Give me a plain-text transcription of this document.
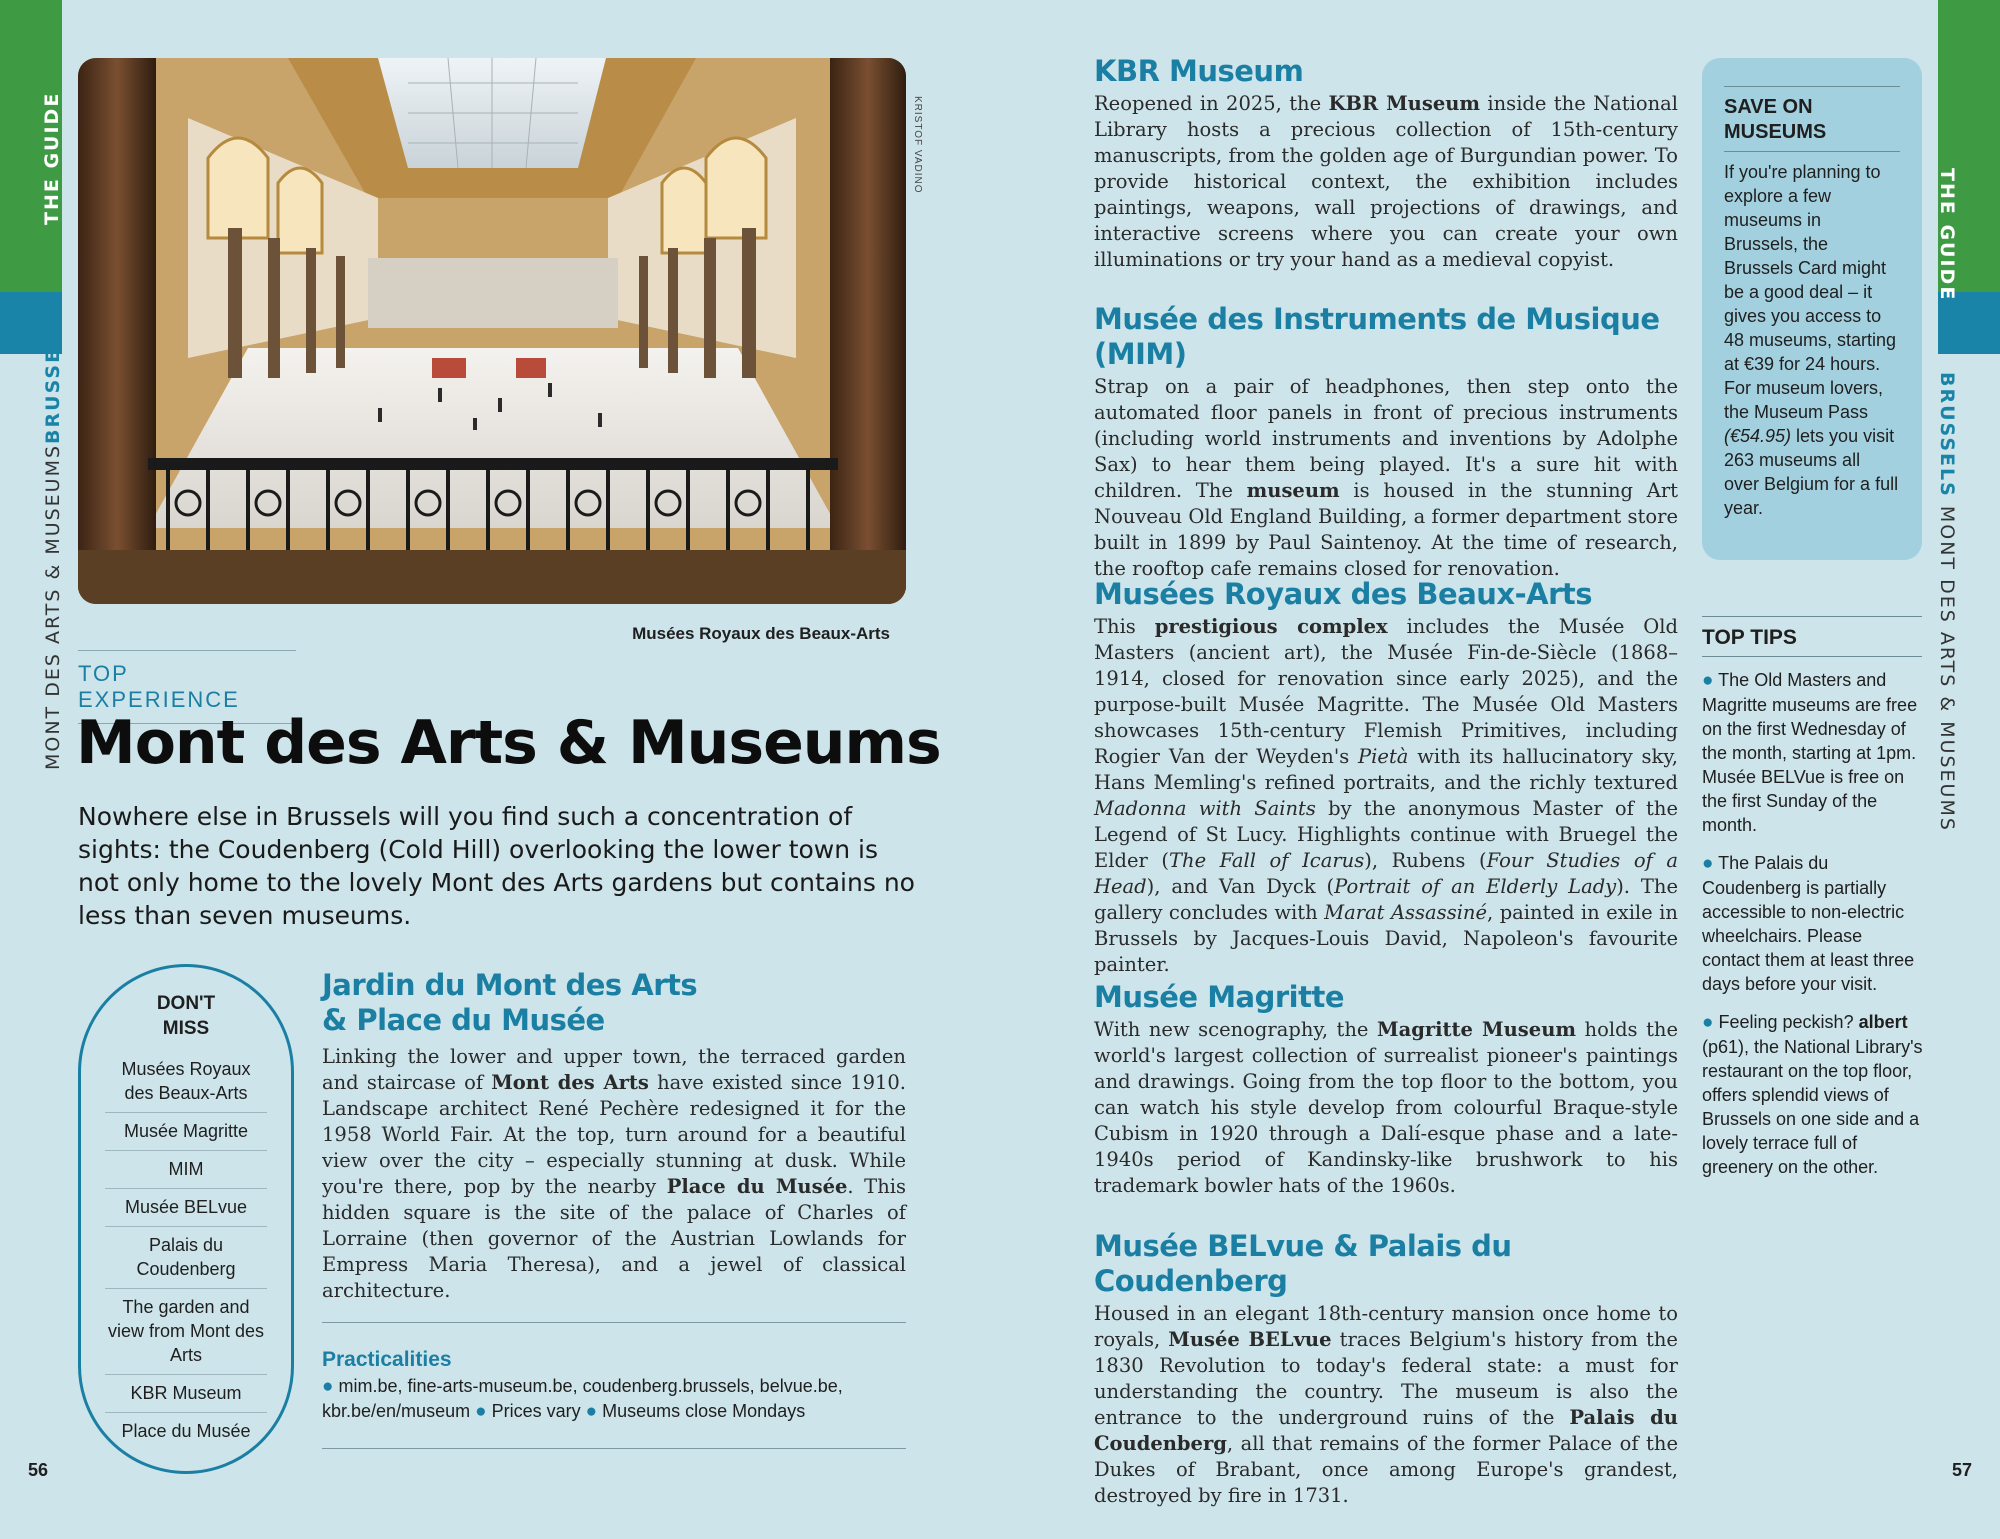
THE GUIDE
MONT DES ARTS & MUSEUMSBRUSSELS
THE GUIDE
BRUSSELS MONT DES ARTS & MUSEUMS
KRISTOF VADINO
Musées Royaux des Beaux-Arts
TOP EXPERIENCE
Mont des Arts & Museums
Nowhere else in Brussels will you find such a concentration of sights: the Coudenberg (Cold Hill) overlooking the lower town is not only home to the lovely Mont des Arts gardens but contains no less than seven museums.
DON'T
MISS
Musées Royaux des Beaux-Arts
Musée Magritte
MIM
Musée BELvue
Palais du Coudenberg
The garden and view from Mont des Arts
KBR Museum
Place du Musée
Jardin du Mont des Arts
& Place du Musée

Linking the lower and upper town, the terraced garden and staircase of Mont des Arts have existed since 1910. Landscape architect René Pechère redesigned it for the 1958 World Fair. At the top, turn around for a beautiful view over the city – especially stunning at dusk. While you're there, pop by the nearby Place du Musée. This hidden square is the site of the palace of Charles of Lorraine (then governor of the Austrian Lowlands for Empress Maria Theresa), and a jewel of classical architecture.

Practicalities
● mim.be, fine-arts-museum.be, coudenberg.brussels, belvue.be, kbr.be/en/museum ● Prices vary ● Museums close Mondays
KBR Museum

Reopened in 2025, the KBR Museum inside the National Library hosts a precious collection of 15th-century manuscripts, from the golden age of Burgundian power. To provide historical context, the exhibition includes paintings, weapons, wall projections of drawings, and interactive screens where you can create your own illuminations or try your hand as a medieval copyist.

Musée des Instruments de Musique (MIM)

Strap on a pair of headphones, then step onto the automated floor panels in front of precious instruments (including world instruments and inventions by Adolphe Sax) to hear them being played. It's a sure hit with children. The museum is housed in the stunning Art Nouveau Old England Building, a former department store built in 1899 by Paul Saintenoy. At the time of research, the rooftop cafe remains closed for renovation.

Musées Royaux des Beaux-Arts

This prestigious complex includes the Musée Old Masters (ancient art), the Musée Fin-de-Siècle (1868–1914, closed for renovation since early 2025), and the purpose-built Musée Magritte. The Musée Old Masters showcases 15th-century Flemish Primitives, including Rogier Van der Weyden's Pietà with its hallucinatory sky, Hans Memling's refined portraits, and the richly textured Madonna with Saints by the anonymous Master of the Legend of St Lucy. Highlights continue with Bruegel the Elder (The Fall of Icarus), Rubens (Four Studies of a Head), and Van Dyck (Portrait of an Elderly Lady). The gallery concludes with Marat Assassiné, painted in exile in Brussels by Jacques-Louis David, Napoleon's favourite painter.

Musée Magritte

With new scenography, the Magritte Museum holds the world's largest collection of surrealist pioneer's paintings and drawings. Going from the top floor to the bottom, you can watch his style develop from colourful Braque-style Cubism in 1920 through a Dalí-esque phase and a late-1940s period of Kandinsky-like brushwork to his trademark bowler hats of the 1960s.

Musée BELvue & Palais du Coudenberg

Housed in an elegant 18th-century mansion once home to royals, Musée BELvue traces Belgium's history from the 1830 Revolution to today's federal state: a must for understanding the country. The museum is also the entrance to the underground ruins of the Palais du Coudenberg, all that remains of the former Palace of the Dukes of Brabant, once among Europe's grandest, destroyed by fire in 1731.

SAVE ON
MUSEUMS
If you're planning to explore a few museums in Brussels, the Brussels Card might be a good deal – it gives you access to 48 museums, starting at €39 for 24 hours. For museum lovers, the Museum Pass (€54.95) lets you visit 263 museums all over Belgium for a full year.
TOP TIPS

● The Old Masters and Magritte museums are free on the first Wednesday of the month, starting at 1pm. Musée BELVue is free on the first Sunday of the month.

● The Palais du Coudenberg is partially accessible to non-electric wheelchairs. Please contact them at least three days before your visit.

● Feeling peckish? albert (p61), the National Library's restaurant on the top floor, offers splendid views of Brussels on one side and a lovely terrace full of greenery on the other.

56	57
